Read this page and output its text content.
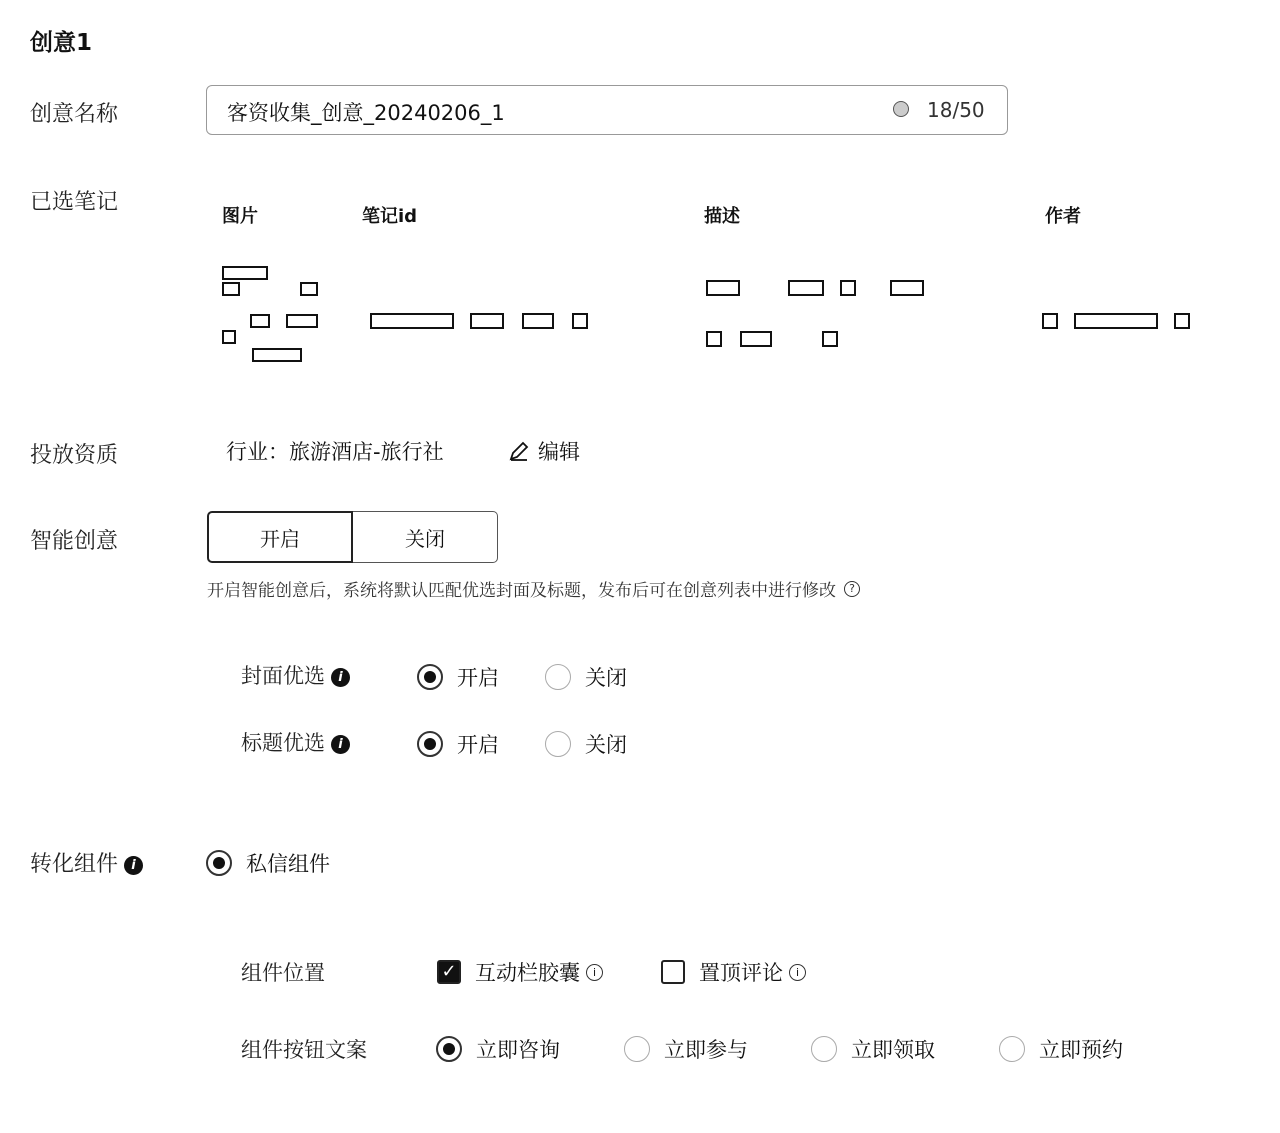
创意1
创意名称	客资收集_创意_20240206_1	18/50
已选笔记
图片	笔记id	描述	作者
投放资质	行业：旅游酒店-旅行社	编辑
智能创意	开启	关闭
开启智能创意后，系统将默认匹配优选封面及标题，发布后可在创意列表中进行修改	?
封面优选 i	开启	关闭
标题优选 i	开启	关闭
转化组件 i	私信组件
组件位置	✓ 互动栏胶囊	i	置顶评论	i
组件按钮文案	立即咨询	立即参与	立即领取	立即预约
